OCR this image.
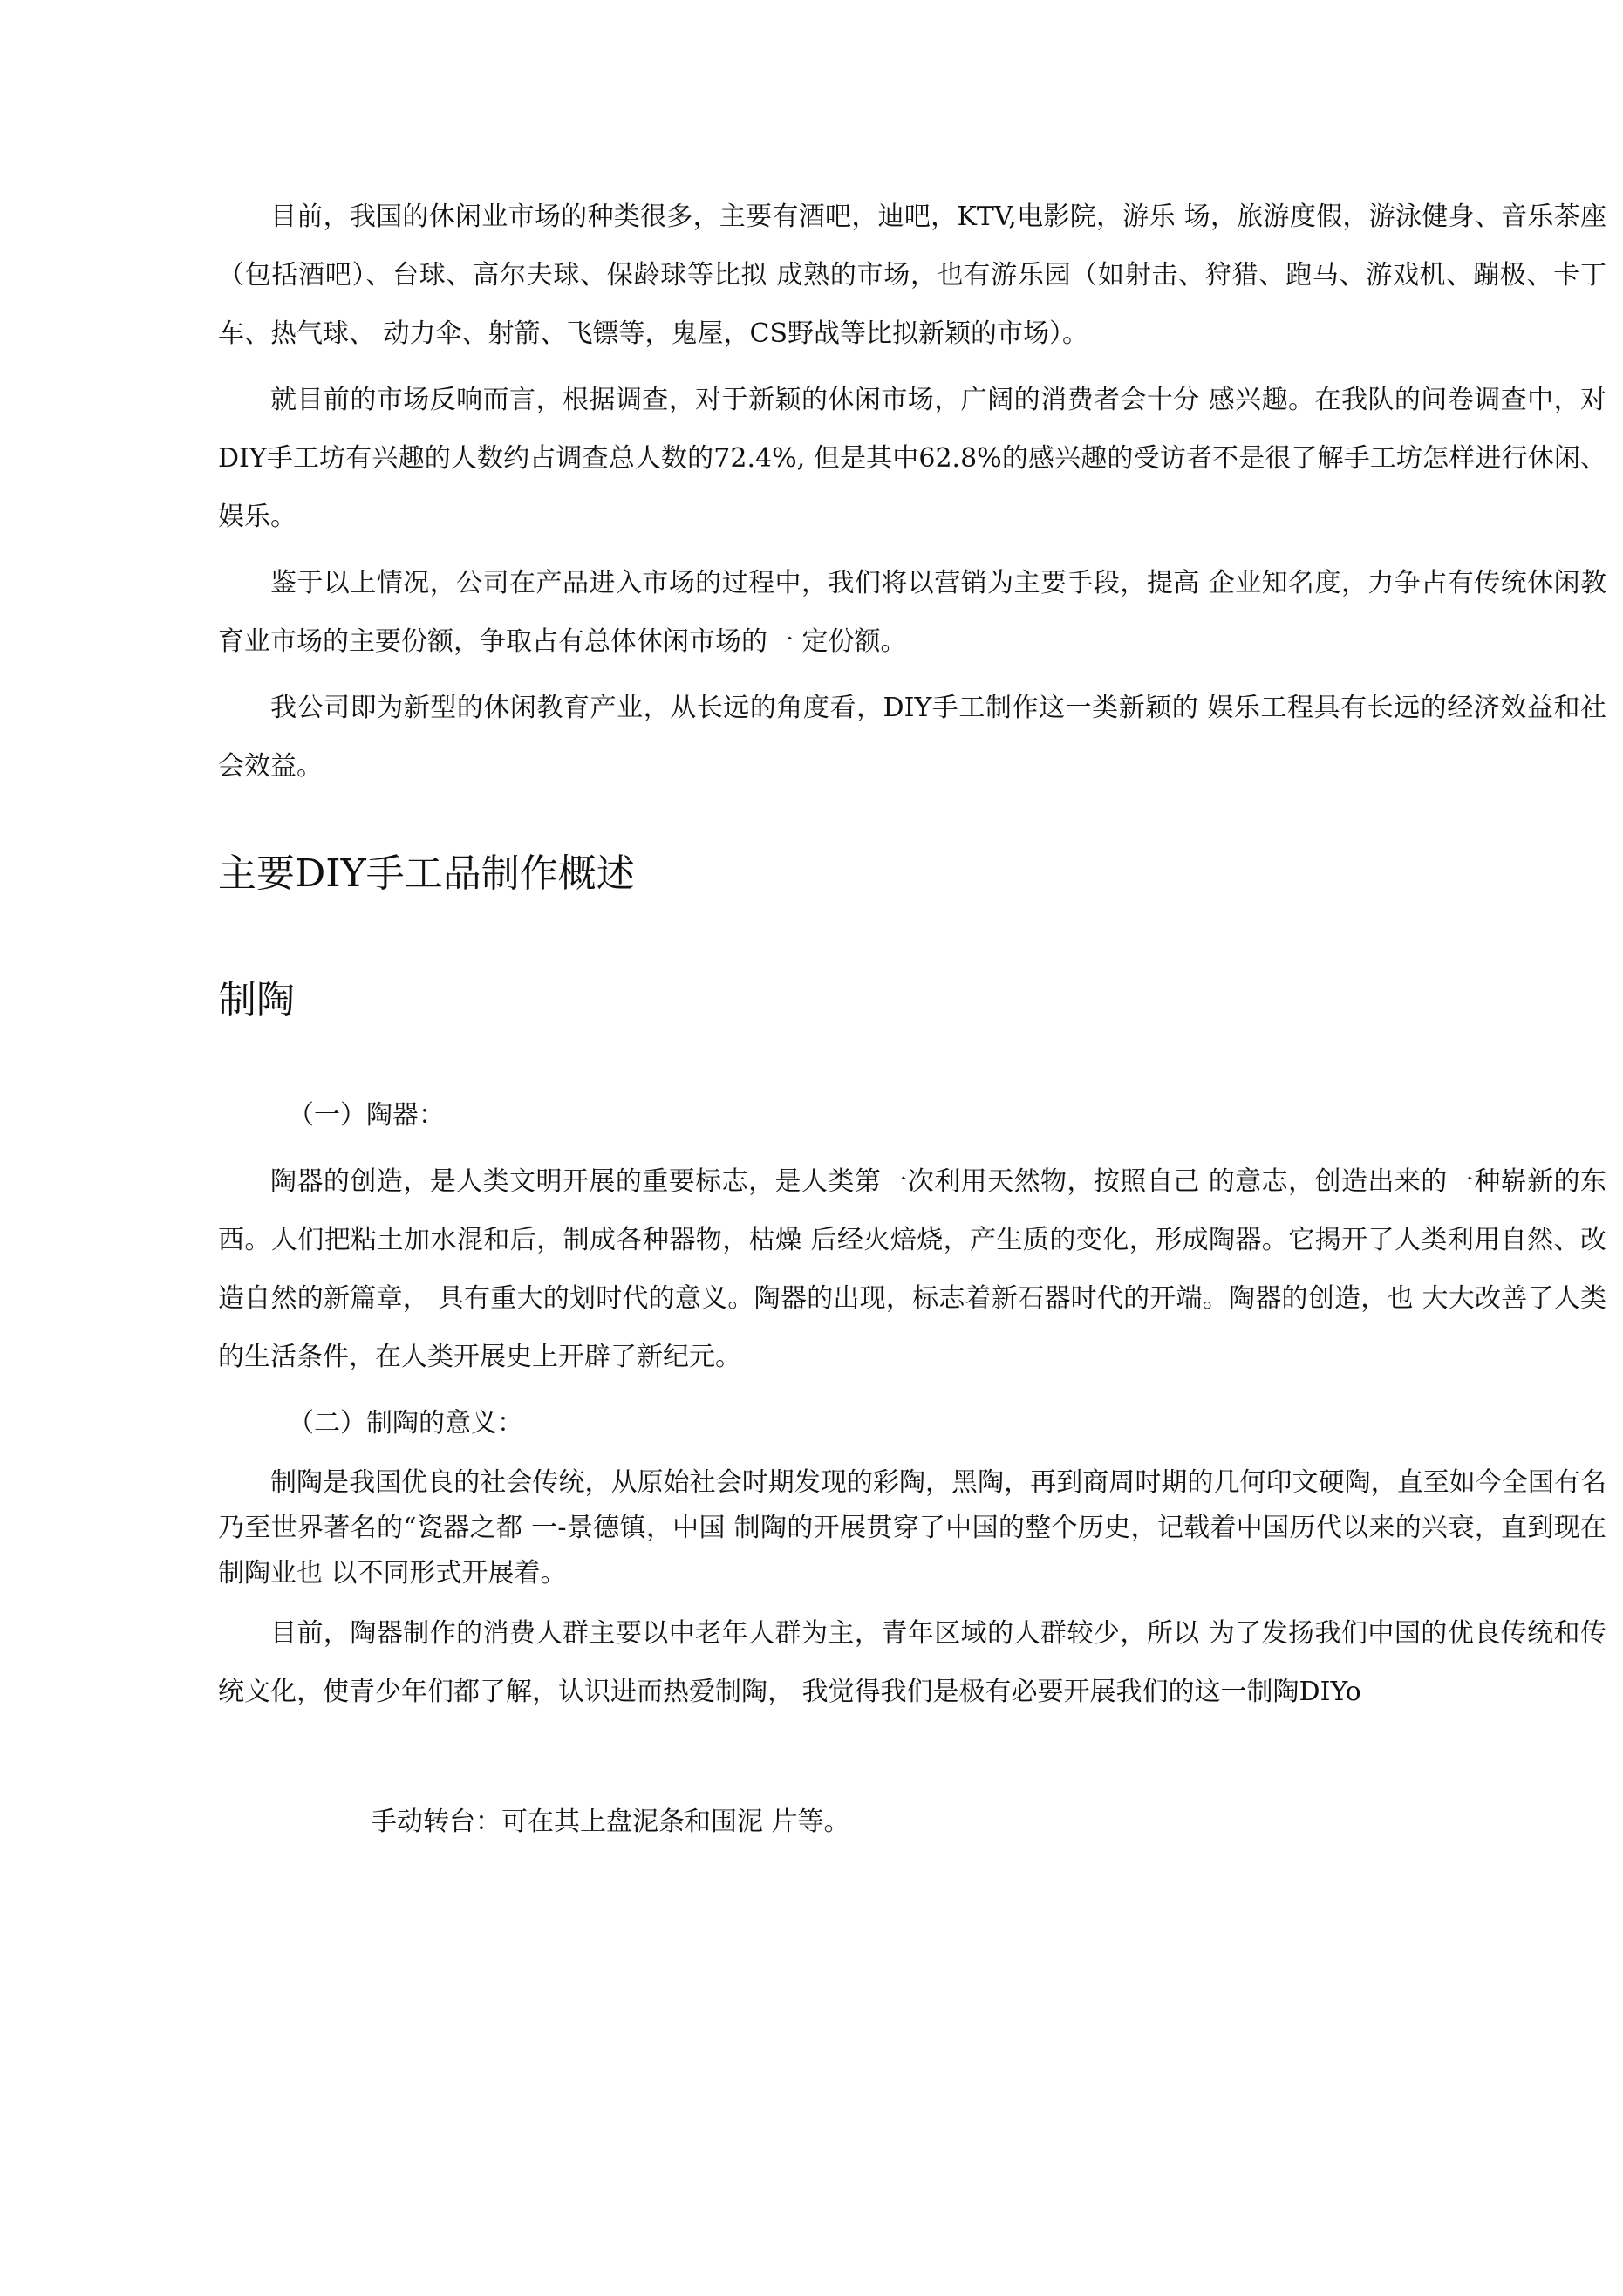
目前，我国的休闲业市场的种类很多，主要有酒吧，迪吧，KTV,电影院，游乐 场，旅游度假，游泳健身、音乐茶座（包括酒吧）、台球、高尔夫球、保龄球等比拟 成熟的市场，也有游乐园（如射击、狩猎、跑马、游戏机、蹦极、卡丁车、热气球、 动力伞、射箭、飞镖等，鬼屋，CS野战等比拟新颖的市场）。

就目前的市场反响而言，根据调查，对于新颖的休闲市场，广阔的消费者会十分 感兴趣。在我队的问卷调查中，对DIY手工坊有兴趣的人数约占调查总人数的72.4%, 但是其中62.8%的感兴趣的受访者不是很了解手工坊怎样进行休闲、娱乐。

鉴于以上情况，公司在产品进入市场的过程中，我们将以营销为主要手段，提高 企业知名度，力争占有传统休闲教育业市场的主要份额，争取占有总体休闲市场的一 定份额。

我公司即为新型的休闲教育产业，从长远的角度看，DIY手工制作这一类新颖的 娱乐工程具有长远的经济效益和社会效益。

主要DIY手工品制作概述
制陶
（一）陶器：

陶器的创造，是人类文明开展的重要标志，是人类第一次利用天然物，按照自己 的意志，创造出来的一种崭新的东西。人们把粘土加水混和后，制成各种器物，枯燥 后经火焙烧，产生质的变化，形成陶器。它揭开了人类利用自然、改造自然的新篇章， 具有重大的划时代的意义。陶器的出现，标志着新石器时代的开端。陶器的创造，也 大大改善了人类的生活条件，在人类开展史上开辟了新纪元。

（二）制陶的意义：

制陶是我国优良的社会传统，从原始社会时期发现的彩陶，黑陶，再到商周时期的几何印文硬陶，直至如今全国有名乃至世界著名的“瓷器之都 一-景德镇，中国 制陶的开展贯穿了中国的整个历史，记载着中国历代以来的兴衰，直到现在制陶业也 以不同形式开展着。

目前，陶器制作的消费人群主要以中老年人群为主，青年区域的人群较少，所以 为了发扬我们中国的优良传统和传统文化，使青少年们都了解，认识进而热爱制陶， 我觉得我们是极有必要开展我们的这一制陶DIYo

手动转台：可在其上盘泥条和围泥 片等。
